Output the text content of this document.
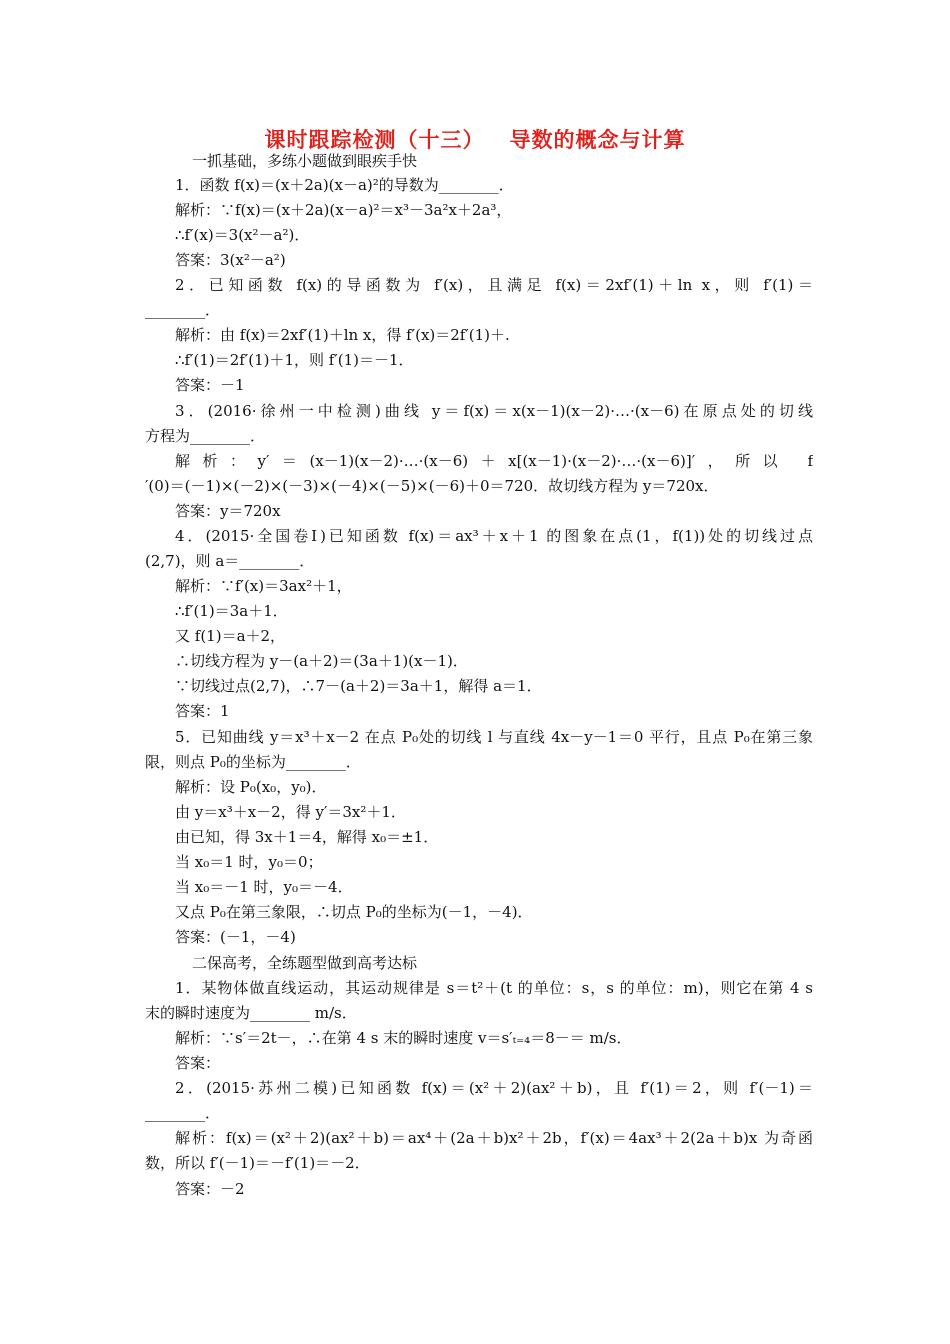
课时跟踪检测（十三）   导数的概念与计算
一抓基础，多练小题做到眼疾手快
1．函数 f(x)＝(x＋2a)(x－a)²的导数为________．
解析：∵f(x)＝(x＋2a)(x－a)²＝x³－3a²x＋2a³，
∴f′(x)＝3(x²－a²)．
答案：3(x²－a²)
2．已知函数 f(x)的导函数为 f′(x)，且满足 f(x)＝2xf′(1)＋ln x，则 f′(1)＝
________．
解析：由 f(x)＝2xf′(1)＋ln x，得 f′(x)＝2f′(1)＋.
∴f′(1)＝2f′(1)＋1，则 f′(1)＝－1．
答案：－1
3．(2016·徐州一中检测)曲线 y＝f(x)＝x(x－1)(x－2)·…·(x－6)在原点处的切线
方程为________．
解析：y′＝(x－1)(x－2)·…·(x－6)＋x[(x－1)·(x－2)·…·(x－6)]′，所以 f
′(0)＝(－1)×(－2)×(－3)×(－4)×(－5)×(－6)＋0＝720．故切线方程为 y＝720x．
答案：y＝720x
4．(2015·全国卷Ⅰ)已知函数 f(x)＝ax³＋x＋1 的图象在点(1，f(1))处的切线过点
(2,7)，则 a＝________．
解析：∵f′(x)＝3ax²＋1，
∴f′(1)＝3a＋1．
又 f(1)＝a＋2，
∴切线方程为 y－(a＋2)＝(3a＋1)(x－1)．
∵切线过点(2,7)，∴7－(a＋2)＝3a＋1，解得 a＝1．
答案：1
5．已知曲线 y＝x³＋x－2 在点 P₀处的切线 l 与直线 4x－y－1＝0 平行，且点 P₀在第三象
限，则点 P₀的坐标为________．
解析：设 P₀(x₀，y₀)．
由 y＝x³＋x－2，得 y′＝3x²＋1．
由已知，得 3x＋1＝4，解得 x₀＝±1．
当 x₀＝1 时，y₀＝0；
当 x₀＝－1 时，y₀＝－4．
又点 P₀在第三象限，∴切点 P₀的坐标为(－1，－4)．
答案：(－1，－4)
二保高考，全练题型做到高考达标
1．某物体做直线运动，其运动规律是 s＝t²＋(t 的单位：s，s 的单位：m)，则它在第 4 s
末的瞬时速度为________ m/s．
解析：∵s′＝2t－，∴在第 4 s 末的瞬时速度 v＝s′ₜ₌₄＝8－＝ m/s．
答案：
2．(2015·苏州二模)已知函数 f(x)＝(x²＋2)(ax²＋b)，且 f′(1)＝2，则 f′(－1)＝
________．
解析：f(x)＝(x²＋2)(ax²＋b)＝ax⁴＋(2a＋b)x²＋2b，f′(x)＝4ax³＋2(2a＋b)x 为奇函
数，所以 f′(－1)＝－f′(1)＝－2．
答案：－2
